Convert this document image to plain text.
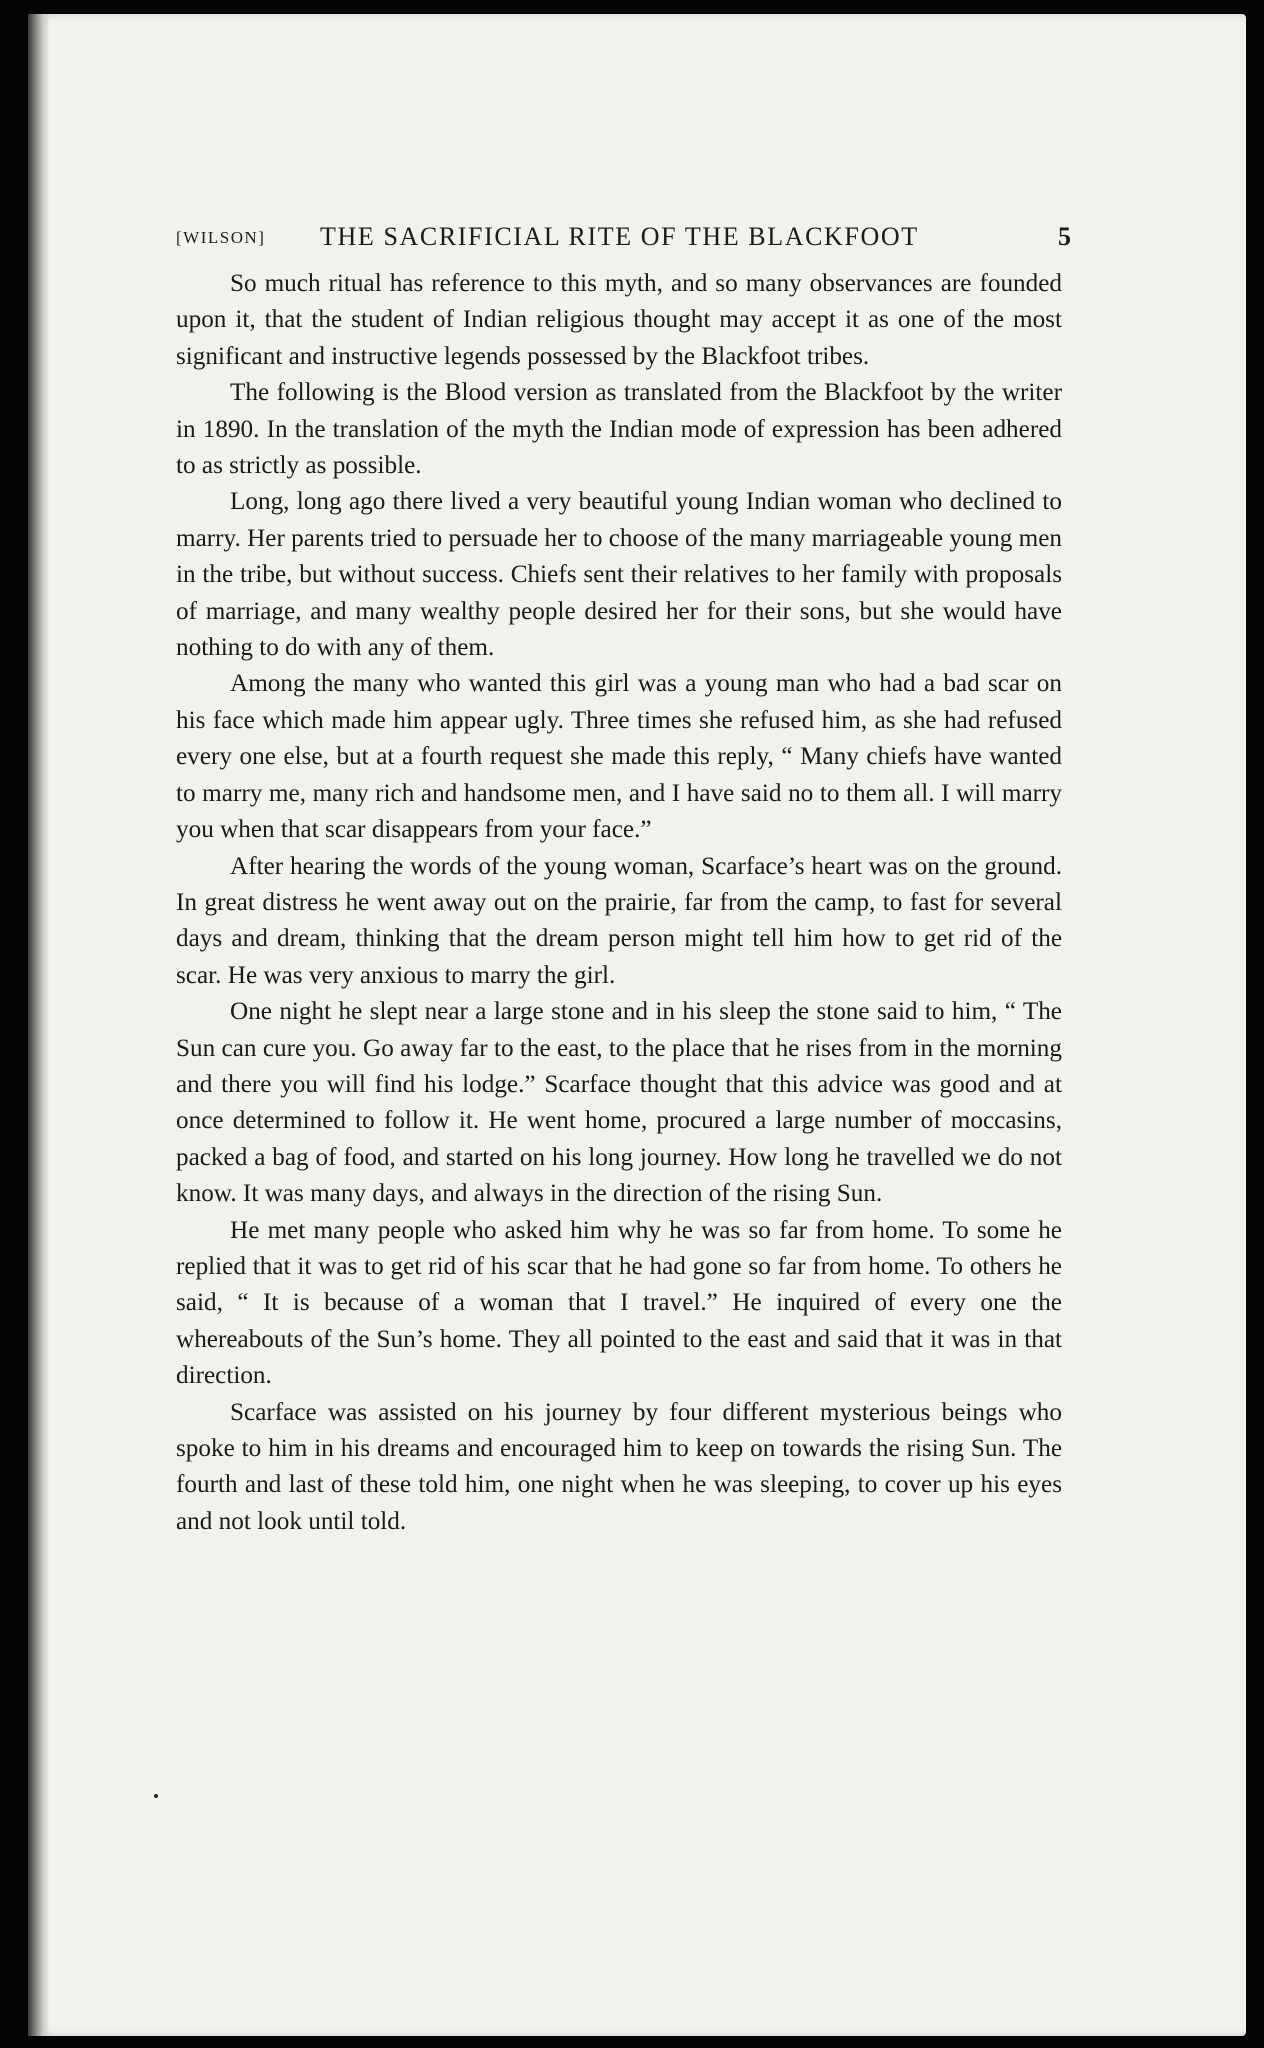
[WILSON] THE SACRIFICIAL RITE OF THE BLACKFOOT	5

So much ritual has reference to this myth, and so many observances are founded upon it, that the student of Indian religious thought may accept it as one of the most significant and instructive legends possessed by the Blackfoot tribes.

The following is the Blood version as translated from the Blackfoot by the writer in 1890. In the translation of the myth the Indian mode of expression has been adhered to as strictly as possible.

Long, long ago there lived a very beautiful young Indian woman who declined to marry. Her parents tried to persuade her to choose of the many marriageable young men in the tribe, but without success. Chiefs sent their relatives to her family with proposals of marriage, and many wealthy people desired her for their sons, but she would have nothing to do with any of them.

Among the many who wanted this girl was a young man who had a bad scar on his face which made him appear ugly. Three times she refused him, as she had refused every one else, but at a fourth request she made this reply, “ Many chiefs have wanted to marry me, many rich and handsome men, and I have said no to them all. I will marry you when that scar disappears from your face.”

After hearing the words of the young woman, Scarface’s heart was on the ground. In great distress he went away out on the prairie, far from the camp, to fast for several days and dream, thinking that the dream person might tell him how to get rid of the scar. He was very anxious to marry the girl.

One night he slept near a large stone and in his sleep the stone said to him, “ The Sun can cure you. Go away far to the east, to the place that he rises from in the morning and there you will find his lodge.” Scarface thought that this advice was good and at once determined to follow it. He went home, procured a large number of moccasins, packed a bag of food, and started on his long journey. How long he travelled we do not know. It was many days, and always in the direction of the rising Sun.

He met many people who asked him why he was so far from home. To some he replied that it was to get rid of his scar that he had gone so far from home. To others he said, “ It is because of a woman that I travel.” He inquired of every one the whereabouts of the Sun’s home. They all pointed to the east and said that it was in that direction.

Scarface was assisted on his journey by four different mysterious beings who spoke to him in his dreams and encouraged him to keep on towards the rising Sun. The fourth and last of these told him, one night when he was sleeping, to cover up his eyes and not look until told.
